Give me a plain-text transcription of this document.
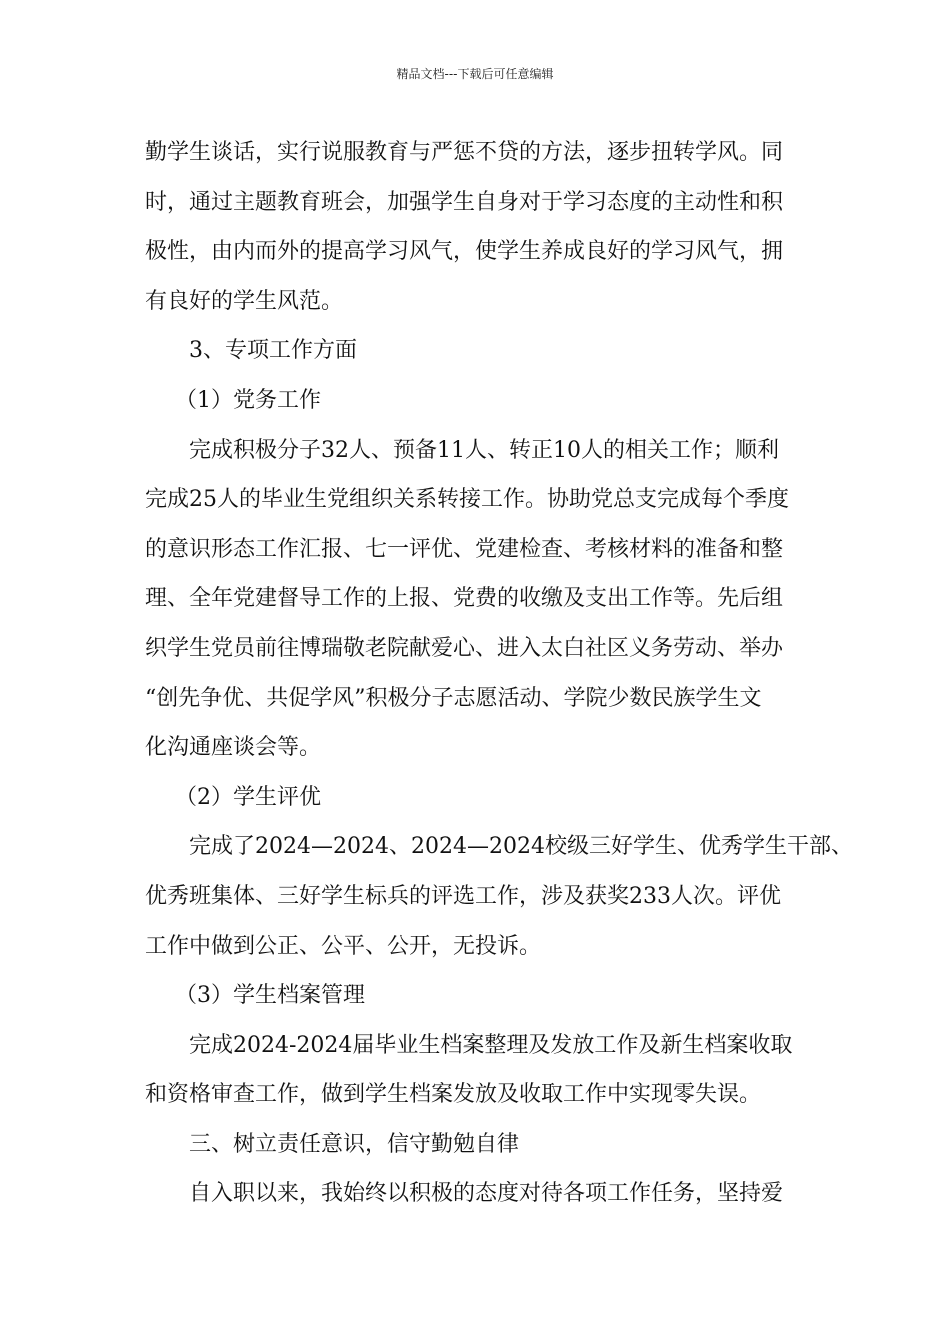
精品文档---下载后可任意编辑
勤学生谈话，实行说服教育与严惩不贷的方法，逐步扭转学风。同
时，通过主题教育班会，加强学生自身对于学习态度的主动性和积
极性，由内而外的提高学习风气，使学生养成良好的学习风气，拥
有良好的学生风范。
3、专项工作方面
（1）党务工作
完成积极分子32人、预备11人、转正10人的相关工作；顺利
完成25人的毕业生党组织关系转接工作。协助党总支完成每个季度
的意识形态工作汇报、七一评优、党建检查、考核材料的准备和整
理、全年党建督导工作的上报、党费的收缴及支出工作等。先后组
织学生党员前往博瑞敬老院献爱心、进入太白社区义务劳动、举办
“创先争优、共促学风”积极分子志愿活动、学院少数民族学生文
化沟通座谈会等。
（2）学生评优
完成了2024—2024、2024—2024校级三好学生、优秀学生干部、
优秀班集体、三好学生标兵的评选工作，涉及获奖233人次。评优
工作中做到公正、公平、公开，无投诉。
（3）学生档案管理
完成2024-2024届毕业生档案整理及发放工作及新生档案收取
和资格审查工作，做到学生档案发放及收取工作中实现零失误。
三、树立责任意识，信守勤勉自律
自入职以来，我始终以积极的态度对待各项工作任务，坚持爱
